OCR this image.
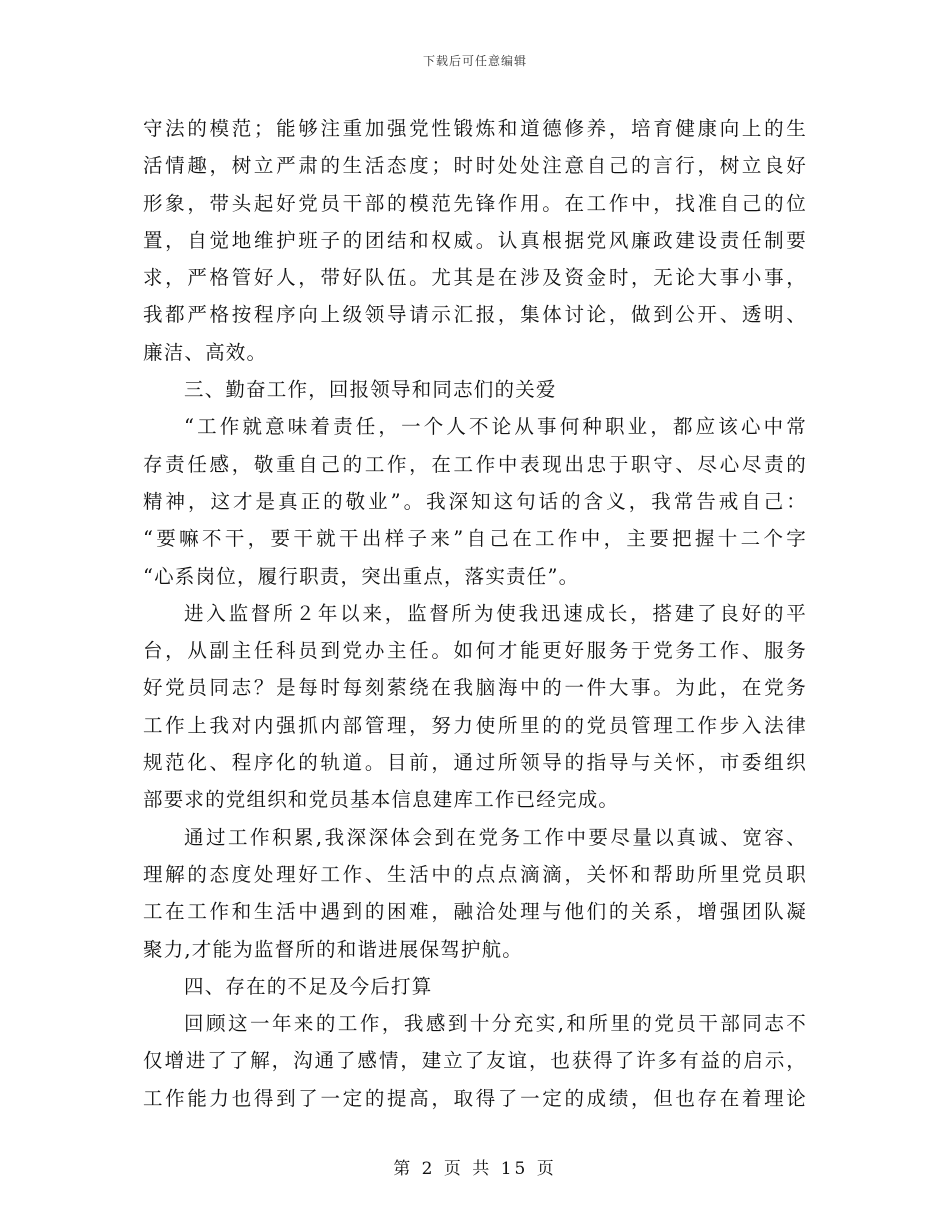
下载后可任意编辑
守法的模范；能够注重加强党性锻炼和道德修养，培育健康向上的生
活情趣，树立严肃的生活态度；时时处处注意自己的言行，树立良好
形象，带头起好党员干部的模范先锋作用。在工作中，找准自己的位
置，自觉地维护班子的团结和权威。认真根据党风廉政建设责任制要
求，严格管好人，带好队伍。尤其是在涉及资金时，无论大事小事，
我都严格按程序向上级领导请示汇报，集体讨论，做到公开、透明、
廉洁、高效。
三、勤奋工作，回报领导和同志们的关爱
“工作就意味着责任，一个人不论从事何种职业，都应该心中常
存责任感，敬重自己的工作，在工作中表现出忠于职守、尽心尽责的
精神，这才是真正的敬业”。我深知这句话的含义，我常告戒自己：
“要嘛不干，要干就干出样子来”自己在工作中，主要把握十二个字
“心系岗位，履行职责，突出重点，落实责任”。
进入监督所２年以来，监督所为使我迅速成长，搭建了良好的平
台，从副主任科员到党办主任。如何才能更好服务于党务工作、服务
好党员同志？是每时每刻萦绕在我脑海中的一件大事。为此，在党务
工作上我对内强抓内部管理，努力使所里的的党员管理工作步入法律
规范化、程序化的轨道。目前，通过所领导的指导与关怀，市委组织
部要求的党组织和党员基本信息建库工作已经完成。
通过工作积累,我深深体会到在党务工作中要尽量以真诚、宽容、
理解的态度处理好工作、生活中的点点滴滴，关怀和帮助所里党员职
工在工作和生活中遇到的困难，融洽处理与他们的关系，增强团队凝
聚力,才能为监督所的和谐进展保驾护航。
四、存在的不足及今后打算
回顾这一年来的工作，我感到十分充实,和所里的党员干部同志不
仅增进了了解，沟通了感情，建立了友谊，也获得了许多有益的启示，
工作能力也得到了一定的提高，取得了一定的成绩，但也存在着理论
第 2 页 共 15 页
